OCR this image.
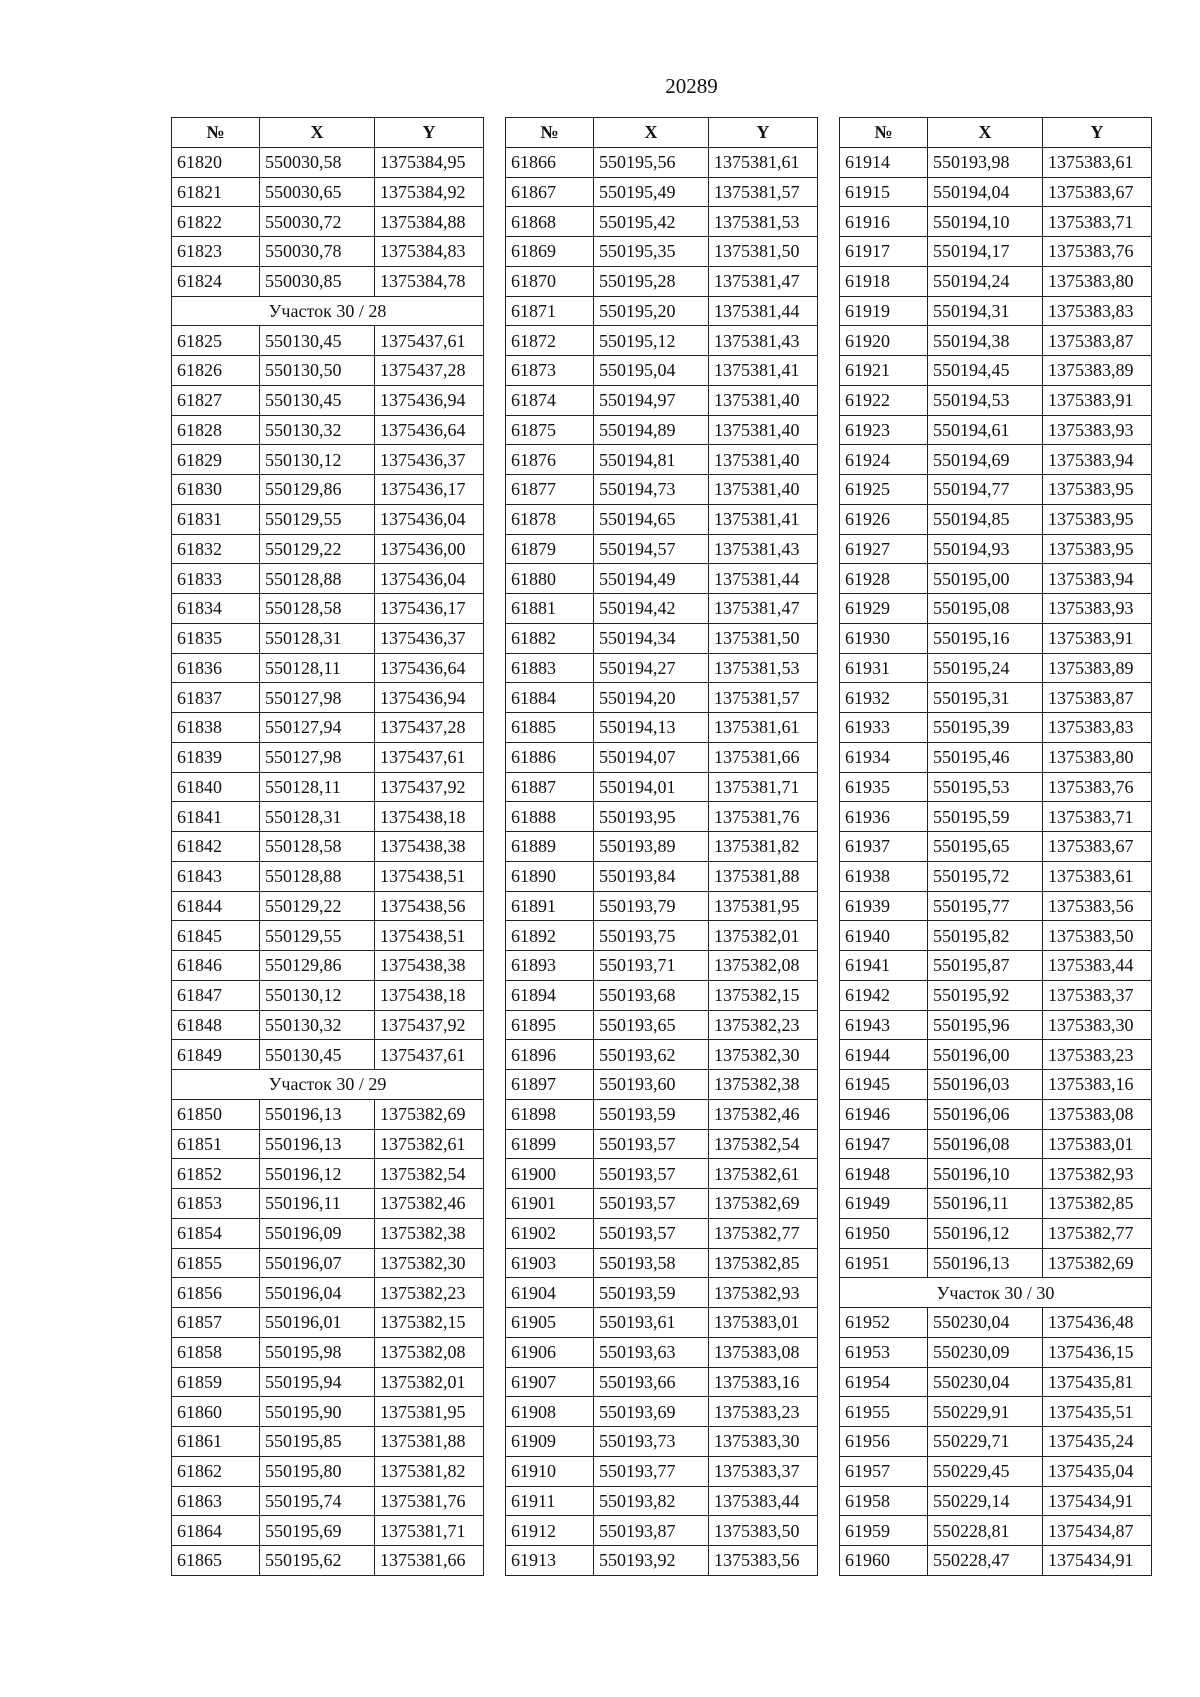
20289
№	X	Y
61820	550030,58	1375384,95
61821	550030,65	1375384,92
61822	550030,72	1375384,88
61823	550030,78	1375384,83
61824	550030,85	1375384,78
Участок 30 / 28		
61825	550130,45	1375437,61
61826	550130,50	1375437,28
61827	550130,45	1375436,94
61828	550130,32	1375436,64
61829	550130,12	1375436,37
61830	550129,86	1375436,17
61831	550129,55	1375436,04
61832	550129,22	1375436,00
61833	550128,88	1375436,04
61834	550128,58	1375436,17
61835	550128,31	1375436,37
61836	550128,11	1375436,64
61837	550127,98	1375436,94
61838	550127,94	1375437,28
61839	550127,98	1375437,61
61840	550128,11	1375437,92
61841	550128,31	1375438,18
61842	550128,58	1375438,38
61843	550128,88	1375438,51
61844	550129,22	1375438,56
61845	550129,55	1375438,51
61846	550129,86	1375438,38
61847	550130,12	1375438,18
61848	550130,32	1375437,92
61849	550130,45	1375437,61
Участок 30 / 29		
61850	550196,13	1375382,69
61851	550196,13	1375382,61
61852	550196,12	1375382,54
61853	550196,11	1375382,46
61854	550196,09	1375382,38
61855	550196,07	1375382,30
61856	550196,04	1375382,23
61857	550196,01	1375382,15
61858	550195,98	1375382,08
61859	550195,94	1375382,01
61860	550195,90	1375381,95
61861	550195,85	1375381,88
61862	550195,80	1375381,82
61863	550195,74	1375381,76
61864	550195,69	1375381,71
61865	550195,62	1375381,66
№	X	Y
61866	550195,56	1375381,61
61867	550195,49	1375381,57
61868	550195,42	1375381,53
61869	550195,35	1375381,50
61870	550195,28	1375381,47
61871	550195,20	1375381,44
61872	550195,12	1375381,43
61873	550195,04	1375381,41
61874	550194,97	1375381,40
61875	550194,89	1375381,40
61876	550194,81	1375381,40
61877	550194,73	1375381,40
61878	550194,65	1375381,41
61879	550194,57	1375381,43
61880	550194,49	1375381,44
61881	550194,42	1375381,47
61882	550194,34	1375381,50
61883	550194,27	1375381,53
61884	550194,20	1375381,57
61885	550194,13	1375381,61
61886	550194,07	1375381,66
61887	550194,01	1375381,71
61888	550193,95	1375381,76
61889	550193,89	1375381,82
61890	550193,84	1375381,88
61891	550193,79	1375381,95
61892	550193,75	1375382,01
61893	550193,71	1375382,08
61894	550193,68	1375382,15
61895	550193,65	1375382,23
61896	550193,62	1375382,30
61897	550193,60	1375382,38
61898	550193,59	1375382,46
61899	550193,57	1375382,54
61900	550193,57	1375382,61
61901	550193,57	1375382,69
61902	550193,57	1375382,77
61903	550193,58	1375382,85
61904	550193,59	1375382,93
61905	550193,61	1375383,01
61906	550193,63	1375383,08
61907	550193,66	1375383,16
61908	550193,69	1375383,23
61909	550193,73	1375383,30
61910	550193,77	1375383,37
61911	550193,82	1375383,44
61912	550193,87	1375383,50
61913	550193,92	1375383,56
№	X	Y
61914	550193,98	1375383,61
61915	550194,04	1375383,67
61916	550194,10	1375383,71
61917	550194,17	1375383,76
61918	550194,24	1375383,80
61919	550194,31	1375383,83
61920	550194,38	1375383,87
61921	550194,45	1375383,89
61922	550194,53	1375383,91
61923	550194,61	1375383,93
61924	550194,69	1375383,94
61925	550194,77	1375383,95
61926	550194,85	1375383,95
61927	550194,93	1375383,95
61928	550195,00	1375383,94
61929	550195,08	1375383,93
61930	550195,16	1375383,91
61931	550195,24	1375383,89
61932	550195,31	1375383,87
61933	550195,39	1375383,83
61934	550195,46	1375383,80
61935	550195,53	1375383,76
61936	550195,59	1375383,71
61937	550195,65	1375383,67
61938	550195,72	1375383,61
61939	550195,77	1375383,56
61940	550195,82	1375383,50
61941	550195,87	1375383,44
61942	550195,92	1375383,37
61943	550195,96	1375383,30
61944	550196,00	1375383,23
61945	550196,03	1375383,16
61946	550196,06	1375383,08
61947	550196,08	1375383,01
61948	550196,10	1375382,93
61949	550196,11	1375382,85
61950	550196,12	1375382,77
61951	550196,13	1375382,69
Участок 30 / 30		
61952	550230,04	1375436,48
61953	550230,09	1375436,15
61954	550230,04	1375435,81
61955	550229,91	1375435,51
61956	550229,71	1375435,24
61957	550229,45	1375435,04
61958	550229,14	1375434,91
61959	550228,81	1375434,87
61960	550228,47	1375434,91
